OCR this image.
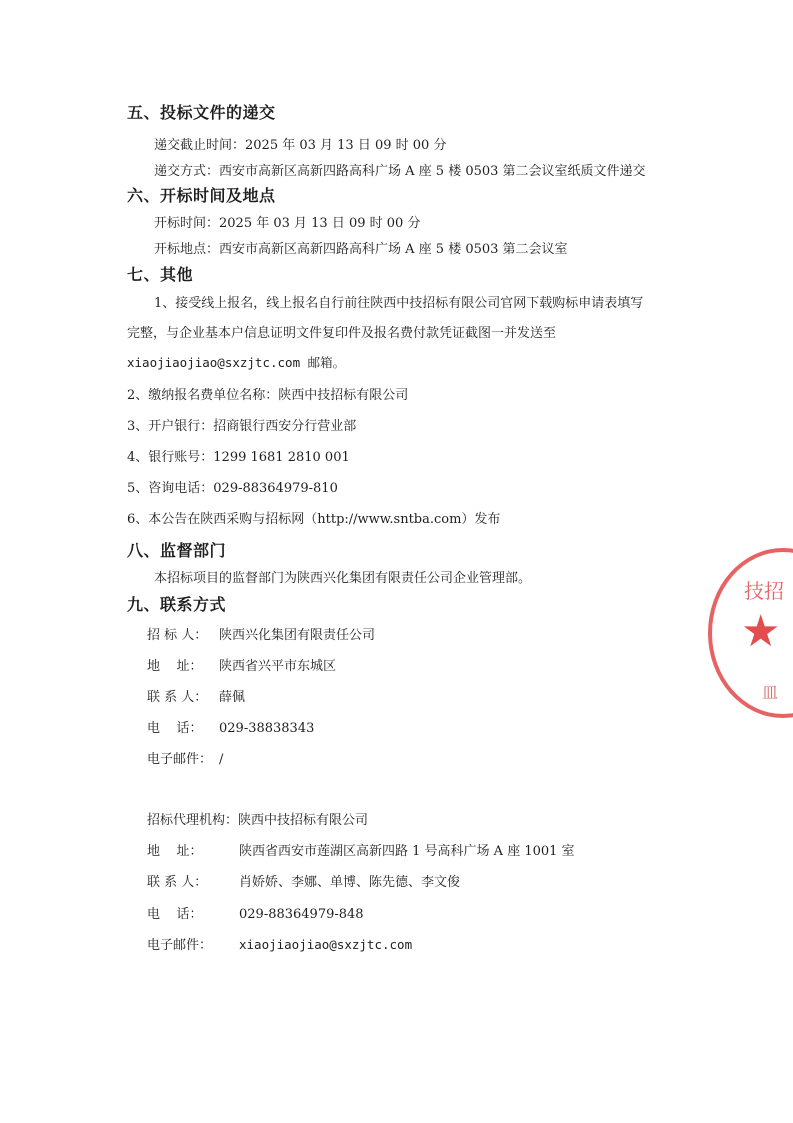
五、投标文件的递交
递交截止时间：2025 年 03 月 13 日 09 时 00 分
递交方式：西安市高新区高新四路高科广场 A 座 5 楼 0503 第二会议室纸质文件递交
六、开标时间及地点
开标时间：2025 年 03 月 13 日 09 时 00 分
开标地点：西安市高新区高新四路高科广场 A 座 5 楼 0503 第二会议室
七、其他
1、接受线上报名，线上报名自行前往陕西中技招标有限公司官网下载购标申请表填写
完整，与企业基本户信息证明文件复印件及报名费付款凭证截图一并发送至
xiaojiaojiao@sxzjtc.com 邮箱。
2、缴纳报名费单位名称：陕西中技招标有限公司
3、开户银行：招商银行西安分行营业部
4、银行账号：1299 1681 2810 001
5、咨询电话：029-88364979-810
6、本公告在陕西采购与招标网（http://www.sntba.com）发布
八、监督部门
本招标项目的监督部门为陕西兴化集团有限责任公司企业管理部。
九、联系方式
招 标 人： 陕西兴化集团有限责任公司
地    址： 陕西省兴平市东城区
联 系 人： 薛佩
电    话： 029-38838343
电子邮件： /
招标代理机构：陕西中技招标有限公司
地    址：	陕西省西安市莲湖区高新四路 1 号高科广场 A 座 1001 室
联 系 人： 肖娇娇、李娜、单博、陈先德、李文俊
电    话：	029-88364979-848
电子邮件： xiaojiaojiao@sxzjtc.com
技招
★
皿
